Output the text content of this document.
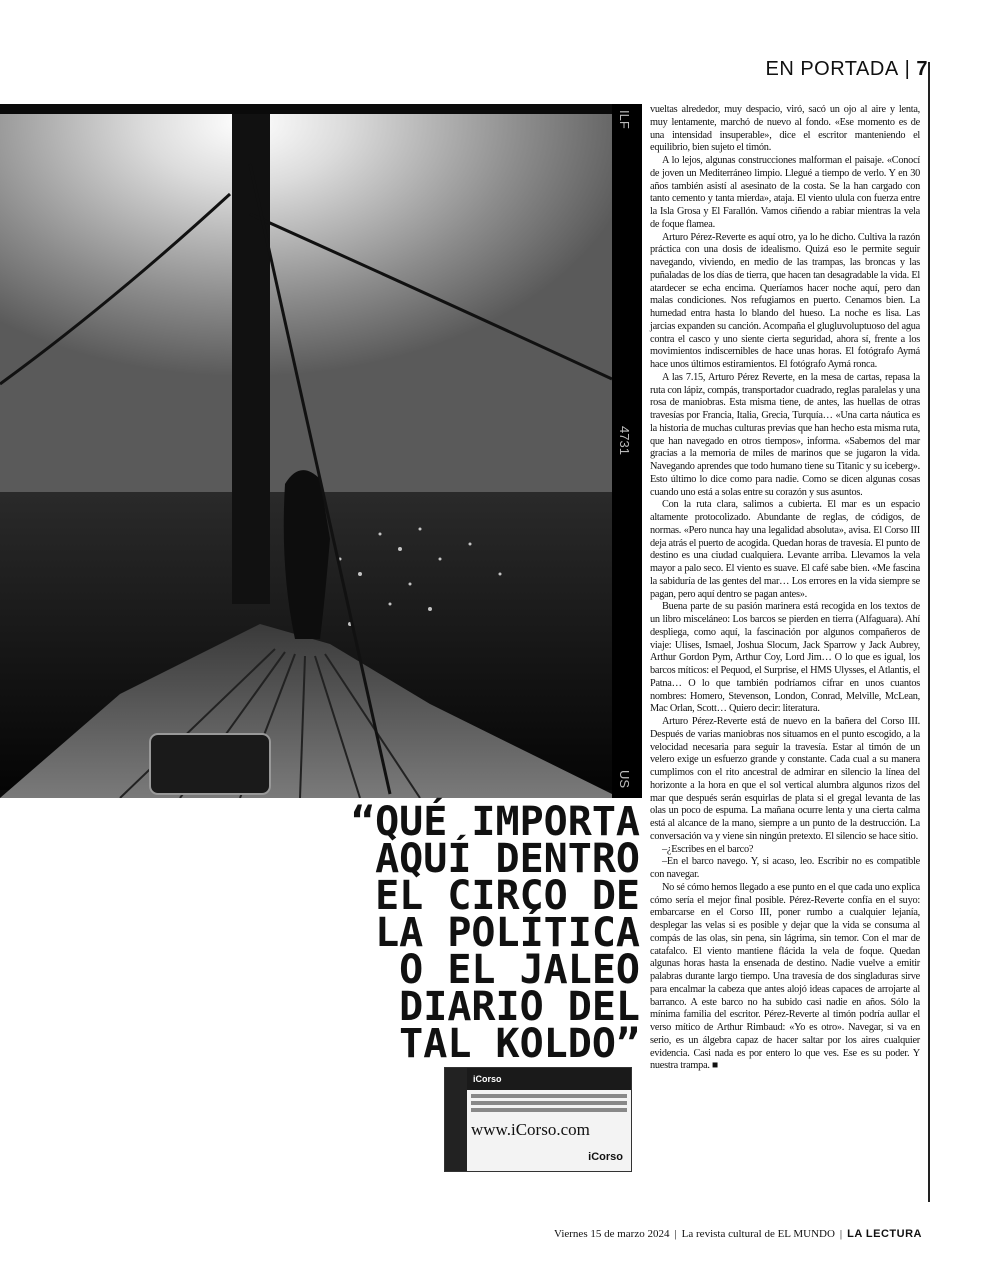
EN PORTADA | 7
ILF
4731
US
“QUÉ IMPORTA
AQUÍ DENTRO
EL CIRCO DE
LA POLÍTICA
O EL JALEO
DIARIO DEL
TAL KOLDO”
iCorso
www.iCorso.com
iCorso

vueltas alrededor, muy despacio, viró, sacó un ojo al aire y lenta, muy lentamente, marchó de nuevo al fondo. «Ese momento es de una intensidad insuperable», dice el escritor manteniendo el equilibrio, bien sujeto el timón.

A lo lejos, algunas construcciones malforman el paisaje. «Conocí de joven un Mediterráneo limpio. Llegué a tiempo de verlo. Y en 30 años también asistí al asesinato de la costa. Se la han cargado con tanto cemento y tanta mierda», ataja. El viento ulula con fuerza entre la Isla Grosa y El Farallón. Vamos ciñendo a rabiar mientras la vela de foque flamea.

Arturo Pérez-Reverte es aquí otro, ya lo he dicho. Cultiva la razón práctica con una dosis de idealismo. Quizá eso le permite seguir navegando, viviendo, en medio de las trampas, las broncas y las puñaladas de los días de tierra, que hacen tan desagradable la vida. El atardecer se echa encima. Queríamos hacer noche aquí, pero dan malas condiciones. Nos refugiamos en puerto. Cenamos bien. La humedad entra hasta lo blando del hueso. La noche es lisa. Las jarcias expanden su canción. Acompaña el glugluvoluptuoso del agua contra el casco y uno siente cierta seguridad, ahora sí, frente a los movimientos indiscernibles de hace unas horas. El fotógrafo Aymá hace unos últimos estiramientos. El fotógrafo Aymá ronca.

A las 7.15, Arturo Pérez Reverte, en la mesa de cartas, repasa la ruta con lápiz, compás, transportador cuadrado, reglas paralelas y una rosa de maniobras. Esta misma tiene, de antes, las huellas de otras travesías por Francia, Italia, Grecia, Turquía… «Una carta náutica es la historia de muchas culturas previas que han hecho esta misma ruta, que han navegado en otros tiempos», informa. «Sabemos del mar gracias a la memoria de miles de marinos que se jugaron la vida. Navegando aprendes que todo humano tiene su Titanic y su iceberg». Esto último lo dice como para nadie. Como se dicen algunas cosas cuando uno está a solas entre su corazón y sus asuntos.

Con la ruta clara, salimos a cubierta. El mar es un espacio altamente protocolizado. Abundante de reglas, de códigos, de normas. «Pero nunca hay una legalidad absoluta», avisa. El Corso III deja atrás el puerto de acogida. Quedan horas de travesía. El punto de destino es una ciudad cualquiera. Levante arriba. Llevamos la vela mayor a palo seco. El viento es suave. El café sabe bien. «Me fascina la sabiduría de las gentes del mar… Los errores en la vida siempre se pagan, pero aquí dentro se pagan antes».

Buena parte de su pasión marinera está recogida en los textos de un libro misceláneo: Los barcos se pierden en tierra (Alfaguara). Ahí despliega, como aquí, la fascinación por algunos compañeros de viaje: Ulises, Ismael, Joshua Slocum, Jack Sparrow y Jack Aubrey, Arthur Gordon Pym, Arthur Coy, Lord Jim… O lo que es igual, los barcos míticos: el Pequod, el Surprise, el HMS Ulysses, el Atlantis, el Patna… O lo que también podríamos cifrar en unos cuantos nombres: Homero, Stevenson, London, Conrad, Melville, McLean, Mac Orlan, Scott… Quiero decir: literatura.

Arturo Pérez-Reverte está de nuevo en la bañera del Corso III. Después de varias maniobras nos situamos en el punto escogido, a la velocidad necesaria para seguir la travesía. Estar al timón de un velero exige un esfuerzo grande y constante. Cada cual a su manera cumplimos con el rito ancestral de admirar en silencio la línea del horizonte a la hora en que el sol vertical alumbra algunos rizos del mar que después serán esquirlas de plata si el gregal levanta de las olas un poco de espuma. La mañana ocurre lenta y una cierta calma está al alcance de la mano, siempre a un punto de la destrucción. La conversación va y viene sin ningún pretexto. El silencio se hace sitio.

–¿Escribes en el barco?

–En el barco navego. Y, si acaso, leo. Escribir no es compatible con navegar.

No sé cómo hemos llegado a ese punto en el que cada uno explica cómo sería el mejor final posible. Pérez-Reverte confía en el suyo: embarcarse en el Corso III, poner rumbo a cualquier lejanía, desplegar las velas si es posible y dejar que la vida se consuma al compás de las olas, sin pena, sin lágrima, sin temor. Con el mar de catafalco. El viento mantiene flácida la vela de foque. Quedan algunas horas hasta la ensenada de destino. Nadie vuelve a emitir palabras durante largo tiempo. Una travesía de dos singladuras sirve para encalmar la cabeza que antes alojó ideas capaces de arrojarte al barranco. A este barco no ha subido casi nadie en años. Sólo la mínima familia del escritor. Pérez-Reverte al timón podría aullar el verso mítico de Arthur Rimbaud: «Yo es otro». Navegar, si va en serio, es un álgebra capaz de hacer saltar por los aires cualquier evidencia. Casi nada es por entero lo que ves. Ese es su poder. Y nuestra trampa. ■

Viernes 15 de marzo 2024 | La revista cultural de EL MUNDO | LA LECTURA
